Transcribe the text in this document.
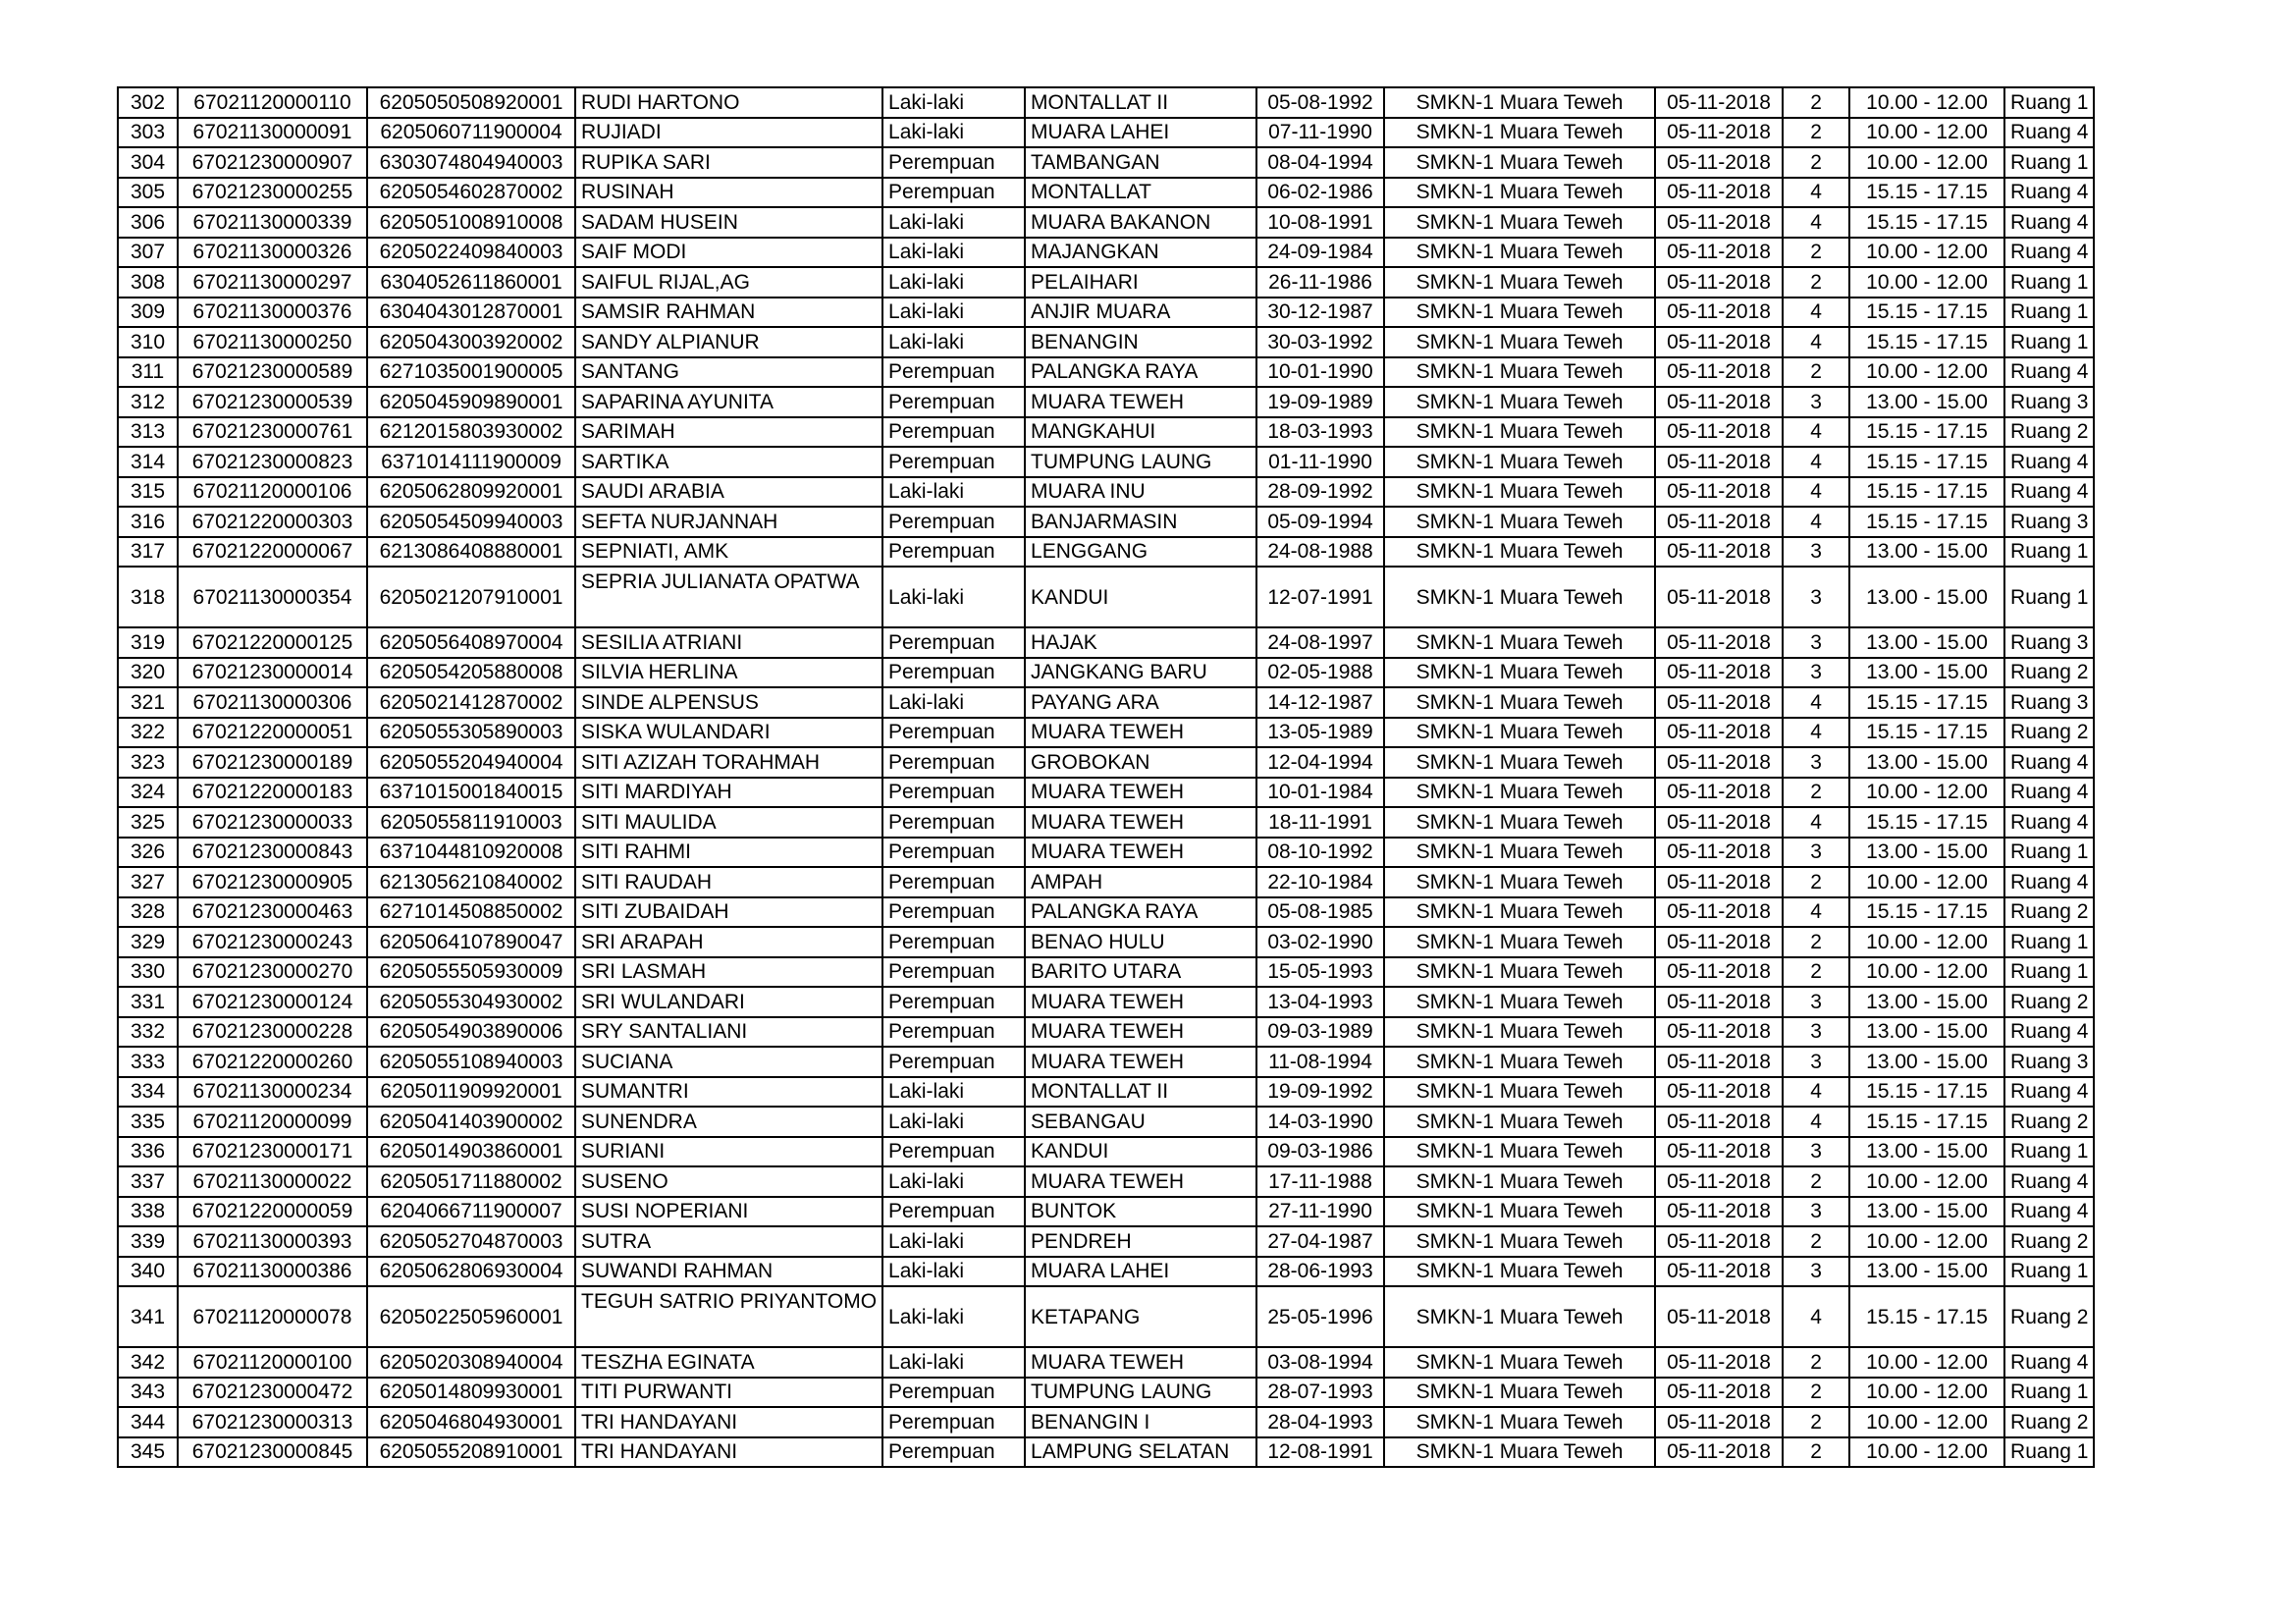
302	67021120000110	6205050508920001	RUDI HARTONO	Laki-laki	MONTALLAT II	05-08-1992	SMKN-1 Muara Teweh	05-11-2018	2	10.00 - 12.00	Ruang 1
303	67021130000091	6205060711900004	RUJIADI	Laki-laki	MUARA LAHEI	07-11-1990	SMKN-1 Muara Teweh	05-11-2018	2	10.00 - 12.00	Ruang 4
304	67021230000907	6303074804940003	RUPIKA SARI	Perempuan	TAMBANGAN	08-04-1994	SMKN-1 Muara Teweh	05-11-2018	2	10.00 - 12.00	Ruang 1
305	67021230000255	6205054602870002	RUSINAH	Perempuan	MONTALLAT	06-02-1986	SMKN-1 Muara Teweh	05-11-2018	4	15.15 - 17.15	Ruang 4
306	67021130000339	6205051008910008	SADAM HUSEIN	Laki-laki	MUARA BAKANON	10-08-1991	SMKN-1 Muara Teweh	05-11-2018	4	15.15 - 17.15	Ruang 4
307	67021130000326	6205022409840003	SAIF MODI	Laki-laki	MAJANGKAN	24-09-1984	SMKN-1 Muara Teweh	05-11-2018	2	10.00 - 12.00	Ruang 4
308	67021130000297	6304052611860001	SAIFUL RIJAL,AG	Laki-laki	PELAIHARI	26-11-1986	SMKN-1 Muara Teweh	05-11-2018	2	10.00 - 12.00	Ruang 1
309	67021130000376	6304043012870001	SAMSIR RAHMAN	Laki-laki	ANJIR MUARA	30-12-1987	SMKN-1 Muara Teweh	05-11-2018	4	15.15 - 17.15	Ruang 1
310	67021130000250	6205043003920002	SANDY ALPIANUR	Laki-laki	BENANGIN	30-03-1992	SMKN-1 Muara Teweh	05-11-2018	4	15.15 - 17.15	Ruang 1
311	67021230000589	6271035001900005	SANTANG	Perempuan	PALANGKA RAYA	10-01-1990	SMKN-1 Muara Teweh	05-11-2018	2	10.00 - 12.00	Ruang 4
312	67021230000539	6205045909890001	SAPARINA AYUNITA	Perempuan	MUARA TEWEH	19-09-1989	SMKN-1 Muara Teweh	05-11-2018	3	13.00 - 15.00	Ruang 3
313	67021230000761	6212015803930002	SARIMAH	Perempuan	MANGKAHUI	18-03-1993	SMKN-1 Muara Teweh	05-11-2018	4	15.15 - 17.15	Ruang 2
314	67021230000823	6371014111900009	SARTIKA	Perempuan	TUMPUNG LAUNG	01-11-1990	SMKN-1 Muara Teweh	05-11-2018	4	15.15 - 17.15	Ruang 4
315	67021120000106	6205062809920001	SAUDI ARABIA	Laki-laki	MUARA INU	28-09-1992	SMKN-1 Muara Teweh	05-11-2018	4	15.15 - 17.15	Ruang 4
316	67021220000303	6205054509940003	SEFTA NURJANNAH	Perempuan	BANJARMASIN	05-09-1994	SMKN-1 Muara Teweh	05-11-2018	4	15.15 - 17.15	Ruang 3
317	67021220000067	6213086408880001	SEPNIATI, AMK	Perempuan	LENGGANG	24-08-1988	SMKN-1 Muara Teweh	05-11-2018	3	13.00 - 15.00	Ruang 1
318	67021130000354	6205021207910001	SEPRIA JULIANATA OPATWA	Laki-laki	KANDUI	12-07-1991	SMKN-1 Muara Teweh	05-11-2018	3	13.00 - 15.00	Ruang 1
319	67021220000125	6205056408970004	SESILIA ATRIANI	Perempuan	HAJAK	24-08-1997	SMKN-1 Muara Teweh	05-11-2018	3	13.00 - 15.00	Ruang 3
320	67021230000014	6205054205880008	SILVIA HERLINA	Perempuan	JANGKANG BARU	02-05-1988	SMKN-1 Muara Teweh	05-11-2018	3	13.00 - 15.00	Ruang 2
321	67021130000306	6205021412870002	SINDE ALPENSUS	Laki-laki	PAYANG ARA	14-12-1987	SMKN-1 Muara Teweh	05-11-2018	4	15.15 - 17.15	Ruang 3
322	67021220000051	6205055305890003	SISKA WULANDARI	Perempuan	MUARA TEWEH	13-05-1989	SMKN-1 Muara Teweh	05-11-2018	4	15.15 - 17.15	Ruang 2
323	67021230000189	6205055204940004	SITI AZIZAH TORAHMAH	Perempuan	GROBOKAN	12-04-1994	SMKN-1 Muara Teweh	05-11-2018	3	13.00 - 15.00	Ruang 4
324	67021220000183	6371015001840015	SITI MARDIYAH	Perempuan	MUARA TEWEH	10-01-1984	SMKN-1 Muara Teweh	05-11-2018	2	10.00 - 12.00	Ruang 4
325	67021230000033	6205055811910003	SITI MAULIDA	Perempuan	MUARA TEWEH	18-11-1991	SMKN-1 Muara Teweh	05-11-2018	4	15.15 - 17.15	Ruang 4
326	67021230000843	6371044810920008	SITI RAHMI	Perempuan	MUARA TEWEH	08-10-1992	SMKN-1 Muara Teweh	05-11-2018	3	13.00 - 15.00	Ruang 1
327	67021230000905	6213056210840002	SITI RAUDAH	Perempuan	AMPAH	22-10-1984	SMKN-1 Muara Teweh	05-11-2018	2	10.00 - 12.00	Ruang 4
328	67021230000463	6271014508850002	SITI ZUBAIDAH	Perempuan	PALANGKA RAYA	05-08-1985	SMKN-1 Muara Teweh	05-11-2018	4	15.15 - 17.15	Ruang 2
329	67021230000243	6205064107890047	SRI ARAPAH	Perempuan	BENAO HULU	03-02-1990	SMKN-1 Muara Teweh	05-11-2018	2	10.00 - 12.00	Ruang 1
330	67021230000270	6205055505930009	SRI LASMAH	Perempuan	BARITO UTARA	15-05-1993	SMKN-1 Muara Teweh	05-11-2018	2	10.00 - 12.00	Ruang 1
331	67021230000124	6205055304930002	SRI WULANDARI	Perempuan	MUARA TEWEH	13-04-1993	SMKN-1 Muara Teweh	05-11-2018	3	13.00 - 15.00	Ruang 2
332	67021230000228	6205054903890006	SRY SANTALIANI	Perempuan	MUARA TEWEH	09-03-1989	SMKN-1 Muara Teweh	05-11-2018	3	13.00 - 15.00	Ruang 4
333	67021220000260	6205055108940003	SUCIANA	Perempuan	MUARA TEWEH	11-08-1994	SMKN-1 Muara Teweh	05-11-2018	3	13.00 - 15.00	Ruang 3
334	67021130000234	6205011909920001	SUMANTRI	Laki-laki	MONTALLAT II	19-09-1992	SMKN-1 Muara Teweh	05-11-2018	4	15.15 - 17.15	Ruang 4
335	67021120000099	6205041403900002	SUNENDRA	Laki-laki	SEBANGAU	14-03-1990	SMKN-1 Muara Teweh	05-11-2018	4	15.15 - 17.15	Ruang 2
336	67021230000171	6205014903860001	SURIANI	Perempuan	KANDUI	09-03-1986	SMKN-1 Muara Teweh	05-11-2018	3	13.00 - 15.00	Ruang 1
337	67021130000022	6205051711880002	SUSENO	Laki-laki	MUARA TEWEH	17-11-1988	SMKN-1 Muara Teweh	05-11-2018	2	10.00 - 12.00	Ruang 4
338	67021220000059	6204066711900007	SUSI NOPERIANI	Perempuan	BUNTOK	27-11-1990	SMKN-1 Muara Teweh	05-11-2018	3	13.00 - 15.00	Ruang 4
339	67021130000393	6205052704870003	SUTRA	Laki-laki	PENDREH	27-04-1987	SMKN-1 Muara Teweh	05-11-2018	2	10.00 - 12.00	Ruang 2
340	67021130000386	6205062806930004	SUWANDI RAHMAN	Laki-laki	MUARA LAHEI	28-06-1993	SMKN-1 Muara Teweh	05-11-2018	3	13.00 - 15.00	Ruang 1
341	67021120000078	6205022505960001	TEGUH SATRIO PRIYANTOMO	Laki-laki	KETAPANG	25-05-1996	SMKN-1 Muara Teweh	05-11-2018	4	15.15 - 17.15	Ruang 2
342	67021120000100	6205020308940004	TESZHA EGINATA	Laki-laki	MUARA TEWEH	03-08-1994	SMKN-1 Muara Teweh	05-11-2018	2	10.00 - 12.00	Ruang 4
343	67021230000472	6205014809930001	TITI PURWANTI	Perempuan	TUMPUNG LAUNG	28-07-1993	SMKN-1 Muara Teweh	05-11-2018	2	10.00 - 12.00	Ruang 1
344	67021230000313	6205046804930001	TRI HANDAYANI	Perempuan	BENANGIN I	28-04-1993	SMKN-1 Muara Teweh	05-11-2018	2	10.00 - 12.00	Ruang 2
345	67021230000845	6205055208910001	TRI HANDAYANI	Perempuan	LAMPUNG SELATAN	12-08-1991	SMKN-1 Muara Teweh	05-11-2018	2	10.00 - 12.00	Ruang 1
